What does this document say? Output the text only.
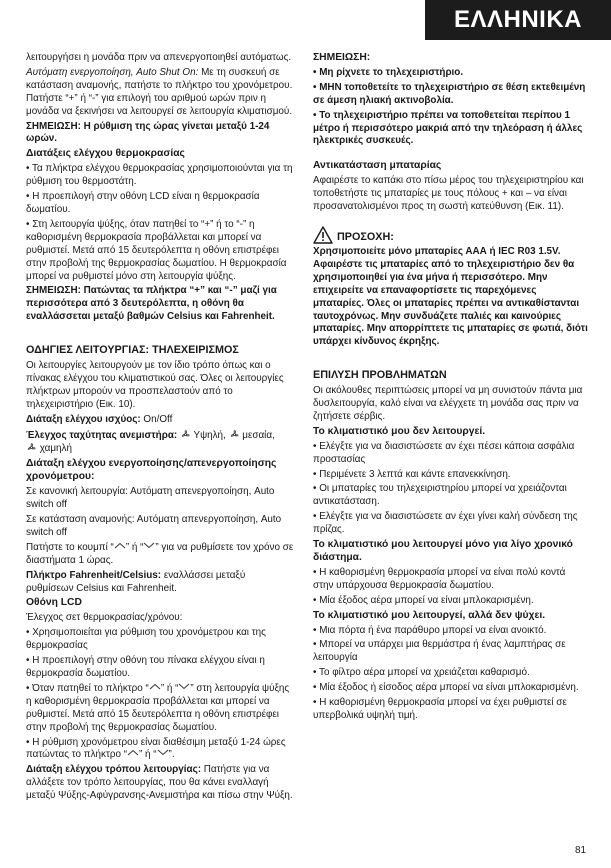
ΕΛΛΗΝΙΚΑ

λειτουργήσει η μονάδα πριν να απενεργοποιηθεί αυτόματως.

Αυτόματη ενεργοποίηση, Auto Shut On: Με τη συσκευή σε κατάσταση αναμονής, πατήστε το πλήκτρο του χρονόμετρου. Πατήστε “+” ή “-” για επιλογή του αριθμού ωρών πριν η μονάδα να ξεκινήσει να λειτουργεί σε λειτουργία κλιματισμού.

ΣΗΜΕΙΩΣΗ: Η ρύθμιση της ώρας γίνεται μεταξύ 1-24 ωρών.

Διατάξεις ελέγχου θερμοκρασίας

• Τα πλήκτρα ελέγχου θερμοκρασίας χρησιμοποιούνται για τη ρύθμιση του θερμοστάτη.

• Η προεπιλογή στην οθόνη LCD είναι η θερμοκρασία δωματίου.

• Στη λειτουργία ψύξης, όταν πατηθεί το “+” ή το “-” η καθορισμένη θερμοκρασία προβάλλεται και μπορεί να ρυθμιστεί. Μετά από 15 δευτερόλεπτα η οθόνη επιστρέφει στην προβολή της θερμοκρασίας δωματίου. Η θερμοκρασία μπορεί να ρυθμιστεί μόνο στη λειτουργία ψύξης.

ΣΗΜΕΙΩΣΗ: Πατώντας τα πλήκτρα “+” και “-” μαζί για περισσότερα από 3 δευτερόλεπτα, η οθόνη θα εναλλάσσεται μεταξύ βαθμών Celsius και Fahrenheit.

ΟΔΗΓΙΕΣ ΛΕΙΤΟΥΡΓΙΑΣ: ΤΗΛΕΧΕΙΡΙΣΜΟΣ

Οι λειτουργίες λειτουργούν με τον ίδιο τρόπο όπως και ο πίνακας ελέγχου του κλιματιστικού σας. Όλες οι λειτουργίες πλήκτρων μπορούν να προσπελαστούν από το τηλεχειριστήριο (Εικ. 10).

Διάταξη ελέγχου ισχύος: On/Off

Έλεγχος ταχύτητας ανεμιστήρα:  Υψηλή,  μεσαία,
χαμηλή

Διάταξη ελέγχου ενεργοποίησης/απενεργοποίησης χρονόμετρου:

Σε κανονική λειτουργία: Αυτόματη απενεργοποίηση, Auto switch off

Σε κατάσταση αναμονής: Αυτόματη απενεργοποίηση, Auto switch off

Πατήστε το κουμπί “ ” ή “ ” για να ρυθμίσετε τον χρόνο σε διαστήματα 1 ώρας.

Πλήκτρο Fahrenheit/Celsius: εναλλάσσει μεταξύ ρυθμίσεων Celsius και Fahrenheit.

Οθόνη LCD

Έλεγχος σετ θερμοκρασίας/χρόνου:

• Χρησιμοποιείται για ρύθμιση του χρονόμετρου και της θερμοκρασίας

• Η προεπιλογή στην οθόνη του πίνακα ελέγχου είναι η θερμοκρασία δωματίου.

• Όταν πατηθεί το πλήκτρο “ ” ή “ ” στη λειτουργία ψύξης η καθορισμένη θερμοκρασία προβάλλεται και μπορεί να ρυθμιστεί. Μετά από 15 δευτερόλεπτα η οθόνη επιστρέφει στην προβολή της θερμοκρασίας δωματίου.

• Η ρύθμιση χρονόμετρου είναι διαθέσιμη μεταξύ 1-24 ώρες πατώντας το πλήκτρο “ ” ή “ ”.

Διάταξη ελέγχου τρόπου λειτουργίας: Πατήστε για να αλλάξετε τον τρόπο λειτουργίας, που θα κάνει εναλλαγή μεταξύ Ψύξης-Αφύγρανσης-Ανεμιστήρα και πίσω στην Ψύξη.

ΣΗΜΕΙΩΣΗ:

• Μη ρίχνετε το τηλεχειριστήριο.

• ΜΗΝ τοποθετείτε το τηλεχειριστήριο σε θέση εκτεθειμένη σε άμεση ηλιακή ακτινοβολία.

• Το τηλεχειριστήριο πρέπει να τοποθετείται περίπου 1 μέτρο ή περισσότερο μακριά από την τηλεόραση ή άλλες ηλεκτρικές συσκευές.

Αντικατάσταση μπαταρίας

Αφαιρέστε το καπάκι στο πίσω μέρος του τηλεχειριστηρίου και τοποθετήστε τις μπαταρίες με τους πόλους + και – να είναι προσανατολισμένοι προς τη σωστή κατεύθυνση (Εικ. 11).

ΠΡΟΣΟΧΗ:

Χρησιμοποιείτε μόνο μπαταρίες ΑΑΑ ή IEC R03 1.5V. Αφαιρέστε τις μπαταρίες από το τηλεχειριστήριο δεν θα χρησιμοποιηθεί για ένα μήνα ή περισσότερο. Μην επιχειρείτε να επαναφορτίσετε τις παρεχόμενες μπαταρίες. Όλες οι μπαταρίες πρέπει να αντικαθίστανται ταυτοχρόνως. Μην συνδυάζετε παλιές και καινούριες μπαταρίες. Μην απορρίπτετε τις μπαταρίες σε φωτιά, διότι υπάρχει κίνδυνος έκρηξης.

ΕΠΙΛΥΣΗ ΠΡΟΒΛΗΜΑΤΩΝ

Οι ακόλουθες περιπτώσεις μπορεί να μη συνιστούν πάντα μια δυσλειτουργία, καλό είναι να ελέγχετε τη μονάδα σας πριν να ζητήσετε σέρβις.

Το κλιματιστικό μου δεν λειτουργεί.

• Ελέγξτε για να διασιστώσετε αν έχει πέσει κάποια ασφάλια προστασίας

• Περιμένετε 3 λεπτά και κάντε επανεκκίνηση.

• Οι μπαταρίες του τηλεχειριστηρίου μπορεί να χρειάζονται αντικατάσταση.

• Ελέγξτε για να διασιστώσετε αν έχει γίνει καλή σύνδεση της πρίζας.

Το κλιματιστικό μου λειτουργεί μόνο για λίγο χρονικό διάστημα.

• Η καθορισμένη θερμοκρασία μπορεί να είναι πολύ κοντά στην υπάρχουσα θερμοκρασία δωματίου.

• Μία έξοδος αέρα μπορεί να είναι μπλοκαρισμένη.

Το κλιματιστικό μου λειτουργεί, αλλά δεν ψύχει.

• Μια πόρτα ή ένα παράθυρο μπορεί να είναι ανοικτό.

• Μπορεί να υπάρχει μια θερμάστρα ή ένας λαμπτήρας σε λειτουργία

• Το φίλτρο αέρα μπορεί να χρειάζεται καθαρισμό.

• Μία έξοδος ή είσοδος αέρα μπορεί να είναι μπλοκαρισμένη.

• Η καθορισμένη θερμοκρασία μπορεί να έχει ρυθμιστεί σε υπερβολικά υψηλή τιμή.

81
